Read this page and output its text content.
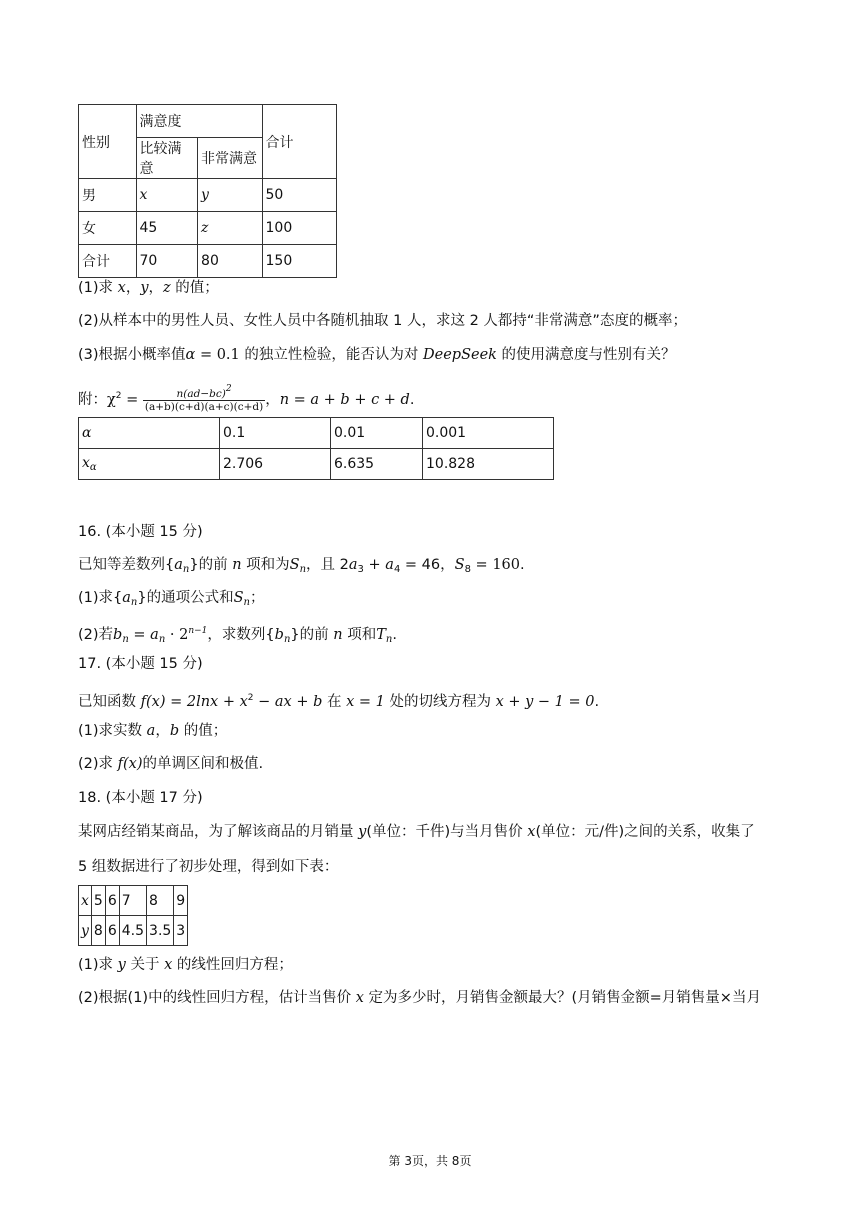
性别	满意度		合计
	比较满意	非常满意	
男	x	y	50
女	45	z	100
合计	70	80	150
(1)求 x，y，z 的值；
(2)从样本中的男性人员、女性人员中各随机抽取 1 人，求这 2 人都持“非常满意”态度的概率；
(3)根据小概率值α = 0.1 的独立性检验，能否认为对 DeepSeek 的使用满意度与性别有关？
附：$\chi^2 = \frac{n(ad-bc)^2}{(a+b)(c+d)(a+c)(c+d)}$ ，n = a + b + c + d.
α	0.1	0.01	0.001
$x_\alpha$	2.706	6.635	10.828
16. (本小题 15 分)
已知等差数列$\{a_n\}$的前 n 项和为$S_n$，且 $2a_3 + a_4 = 46$，$S_8 = 160$.
(1)求$\{a_n\}$的通项公式和$S_n$；
(2)若$b_n = a_n \cdot 2^{n-1}$，求数列$\{b_n\}$的前 n 项和$T_n$.
17. (本小题 15 分)
已知函数 $f(x) = 2\ln x + x^2$ − ax + b 在 x = 1 处的切线方程为 x + y − 1 = 0.
(1)求实数 a，b 的值；
(2)求 f(x)的单调区间和极值.
18. (本小题 17 分)
某网店经销某商品，为了解该商品的月销量 y(单位：千件)与当月售价 x(单位：元/件)之间的关系，收集了
5 组数据进行了初步处理，得到如下表：
x	5	6	7	8	9
y	8	6	4.5	3.5	3
(1)求 y 关于 x 的线性回归方程；
(2)根据(1)中的线性回归方程，估计当售价 x 定为多少时，月销售金额最大？(月销售金额=月销售量×当月
第 3页，共 8页
